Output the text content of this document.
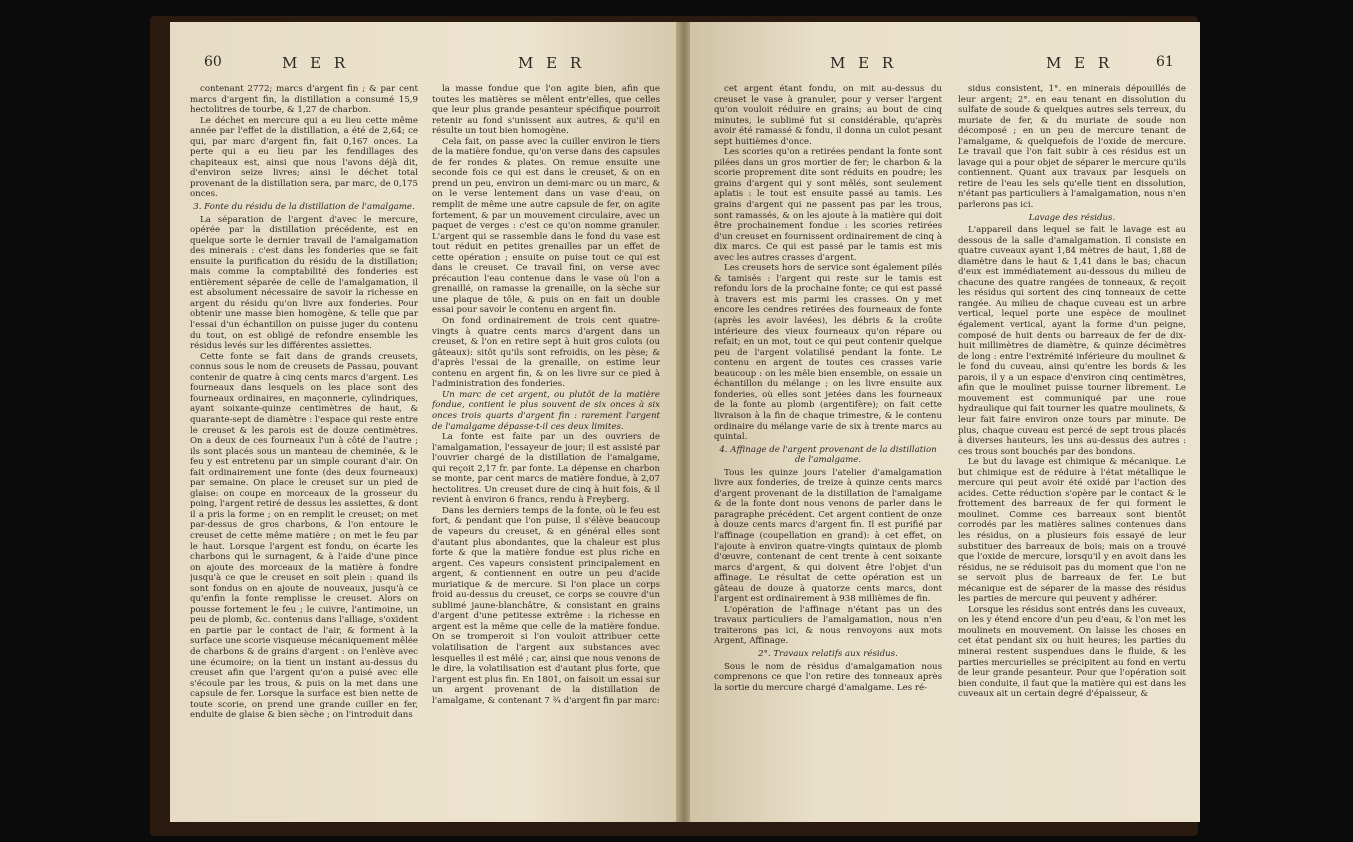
60	M E R	M E R

contenant 2772; marcs d'argent fin ; & par cent marcs d'argent fin, la distillation a consumé 15,9 hectolitres de tourbe, & 1,27 de charbon.

Le déchet en mercure qui a eu lieu cette même année par l'effet de la distillation, a été de 2,64; ce qui, par marc d'argent fin, fait 0,167 onces. La perte qui a eu lieu par les fendillages des chapiteaux est, ainsi que nous l'avons déjà dit, d'environ seize livres; ainsi le déchet total provenant de la distillation sera, par marc, de 0,175 onces.

3. Fonte du résidu de la distillation de l'amalgame.

La séparation de l'argent d'avec le mercure, opérée par la distillation précédente, est en quelque sorte le dernier travail de l'amalgamation des minerais : c'est dans les fonderies que se fait ensuite la purification du résidu de la distillation; mais comme la comptabilité des fonderies est entièrement séparée de celle de l'amalgamation, il est absolument nécessaire de savoir la richesse en argent du résidu qu'on livre aux fonderies. Pour obtenir une masse bien homogène, & telle que par l'essai d'un échantillon on puisse juger du contenu du tout, on est obligé de refondre ensemble les résidus levés sur les différentes assiettes.

Cette fonte se fait dans de grands creusets, connus sous le nom de creusets de Passau, pouvant contenir de quatre à cinq cents marcs d'argent. Les fourneaux dans lesquels on les place sont des fourneaux ordinaires, en maçonnerie, cylindriques, ayant soixante-quinze centimètres de haut, & quarante-sept de diamètre : l'espace qui reste entre le creuset & les parois est de douze centimètres. On a deux de ces fourneaux l'un à côté de l'autre ; ils sont placés sous un manteau de cheminée, & le feu y est entretenu par un simple courant d'air. On fait ordinairement une fonte (des deux fourneaux) par semaine. On place le creuset sur un pied de glaise: on coupe en morceaux de la grosseur du poing, l'argent retiré de dessus les assiettes, & dont il a pris la forme ; on en remplit le creuset; on met par-dessus de gros charbons, & l'on entoure le creuset de cette même matière ; on met le feu par le haut. Lorsque l'argent est fondu, on écarte les charbons qui le surnagent, & à l'aide d'une pince on ajoute des morceaux de la matière à fondre jusqu'à ce que le creuset en soit plein : quand ils sont fondus on en ajoute de nouveaux, jusqu'à ce qu'enfin la fonte remplisse le creuset. Alors on pousse fortement le feu ; le cuivre, l'antimoine, un peu de plomb, &c. contenus dans l'alliage, s'oxident en partie par le contact de l'air, & forment à la surface une scorie visqueuse mécaniquement mêlée de charbons & de grains d'argent : on l'enlève avec une écumoire; on la tient un instant au-dessus du creuset afin que l'argent qu'on a puisé avec elle s'écoule par les trous, & puis on la met dans une capsule de fer. Lorsque la surface est bien nette de toute scorie, on prend une grande cuiller en fer, enduite de glaise & bien sèche ; on l'introduit dans

la masse fondue que l'on agite bien, afin que toutes les matières se mêlent entr'elles, que celles que leur plus grande pesanteur spécifique pourroit retenir au fond s'unissent aux autres, & qu'il en résulte un tout bien homogène.

Cela fait, on passe avec la cuiller environ le tiers de la matière fondue, qu'on verse dans des capsules de fer rondes & plates. On remue ensuite une seconde fois ce qui est dans le creuset, & on en prend un peu, environ un demi-marc ou un marc, & on le verse lentement dans un vase d'eau, on remplit de même une autre capsule de fer, on agite fortement, & par un mouvement circulaire, avec un paquet de verges : c'est ce qu'on nomme granuler. L'argent qui se rassemble dans le fond du vase est tout réduit en petites grenailles par un effet de cette opération ; ensuite on puise tout ce qui est dans le creuset. Ce travail fini, on verse avec précaution l'eau contenue dans le vase où l'on a grenaillé, on ramasse la grenaille, on la sèche sur une plaque de tôle, & puis on en fait un double essai pour savoir le contenu en argent fin.

On fond ordinairement de trois cent quatre-vingts à quatre cents marcs d'argent dans un creuset, & l'on en retire sept à huit gros culots (ou gâteaux): sitôt qu'ils sont refroidis, on les pèse; & d'après l'essai de la grenaille, on estime leur contenu en argent fin, & on les livre sur ce pied à l'administration des fonderies.

Un marc de cet argent, ou plutôt de la matière fondue, contient le plus souvent de six onces à six onces trois quarts d'argent fin : rarement l'argent de l'amalgame dépasse-t-il ces deux limites.

La fonte est faite par un des ouvriers de l'amalgamation, l'essayeur de jour; il est assisté par l'ouvrier chargé de la distillation de l'amalgame, qui reçoit 2,17 fr. par fonte. La dépense en charbon se monte, par cent marcs de matière fondue, à 2,07 hectolitres. Un creuset dure de cinq à huit fois, & il revient à environ 6 francs, rendu à Freyberg.

Dans les derniers temps de la fonte, où le feu est fort, & pendant que l'on puise, il s'élève beaucoup de vapeurs du creuset, & en général elles sont d'autant plus abondantes, que la chaleur est plus forte & que la matière fondue est plus riche en argent. Ces vapeurs consistent principalement en argent, & contiennent en outre un peu d'acide muriatique & de mercure. Si l'on place un corps froid au-dessus du creuset, ce corps se couvre d'un sublimé jaune-blanchâtre, & consistant en grains d'argent d'une petitesse extrême : la richesse en argent est la même que celle de la matière fondue. On se tromperoit si l'on vouloit attribuer cette volatilisation de l'argent aux substances avec lesquelles il est mêlé ; car, ainsi que nous venons de le dire, la volatilisation est d'autant plus forte, que l'argent est plus fin. En 1801, on faisoit un essai sur un argent provenant de la distillation de l'amalgame, & contenant 7 ¾ d'argent fin par marc:

M E R	M E R	61

cet argent étant fondu, on mit au-dessus du creuset le vase à granuler, pour y verser l'argent qu'on vouloit réduire en grains; au bout de cinq minutes, le sublimé fut si considérable, qu'après avoir été ramassé & fondu, il donna un culot pesant sept huitièmes d'once.

Les scories qu'on a retirées pendant la fonte sont pilées dans un gros mortier de fer; le charbon & la scorie proprement dite sont réduits en poudre; les grains d'argent qui y sont mêlés, sont seulement aplatis : le tout est ensuite passé au tamis. Les grains d'argent qui ne passent pas par les trous, sont ramassés, & on les ajoute à la matière qui doit être prochainement fondue : les scories retirées d'un creuset en fournissent ordinairement de cinq à dix marcs. Ce qui est passé par le tamis est mis avec les autres crasses d'argent.

Les creusets hors de service sont également pilés & tamisés : l'argent qui reste sur le tamis est refondu lors de la prochaine fonte; ce qui est passé à travers est mis parmi les crasses. On y met encore les cendres retirées des fourneaux de fonte (après les avoir lavées), les débris & la croûte intérieure des vieux fourneaux qu'on répare ou refait; en un mot, tout ce qui peut contenir quelque peu de l'argent volatilisé pendant la fonte. Le contenu en argent de toutes ces crasses varie beaucoup : on les mêle bien ensemble, on essaie un échantillon du mélange ; on les livre ensuite aux fonderies, où elles sont jetées dans les fourneaux de la fonte au plomb (argentifère); on fait cette livraison à la fin de chaque trimestre, & le contenu ordinaire du mélange varie de six à trente marcs au quintal.

4. Affinage de l'argent provenant de la distillation de l'amalgame.

Tous les quinze jours l'atelier d'amalgamation livre aux fonderies, de treize à quinze cents marcs d'argent provenant de la distillation de l'amalgame & de la fonte dont nous venons de parler dans le paragraphe précédent. Cet argent contient de onze à douze cents marcs d'argent fin. Il est purifié par l'affinage (coupellation en grand): à cet effet, on l'ajoute à environ quatre-vingts quintaux de plomb d'œuvre, contenant de cent trente à cent soixante marcs d'argent, & qui doivent être l'objet d'un affinage. Le résultat de cette opération est un gâteau de douze à quatorze cents marcs, dont l'argent est ordinairement à 938 millièmes de fin.

L'opération de l'affinage n'étant pas un des travaux particuliers de l'amalgamation, nous n'en traiterons pas ici, & nous renvoyons aux mots Argent, Affinage.

2°. Travaux relatifs aux résidus.

Sous le nom de résidus d'amalgamation nous comprenons ce que l'on retire des tonneaux après la sortie du mercure chargé d'amalgame. Les ré-

sidus consistent, 1°. en minerais dépouillés de leur argent; 2°. en eau tenant en dissolution du sulfate de soude & quelques autres sels terreux, du muriate de fer, & du muriate de soude non décomposé ; en un peu de mercure tenant de l'amalgame, & quelquefois de l'oxide de mercure. Le travail que l'on fait subir à ces résidus est un lavage qui a pour objet de séparer le mercure qu'ils contiennent. Quant aux travaux par lesquels on retire de l'eau les sels qu'elle tient en dissolution, n'étant pas particuliers à l'amalgamation, nous n'en parlerons pas ici.

Lavage des résidus.

L'appareil dans lequel se fait le lavage est au dessous de la salle d'amalgamation. Il consiste en quatre cuveaux ayant 1,84 mètres de haut, 1,88 de diamètre dans le haut & 1,41 dans le bas; chacun d'eux est immédiatement au-dessous du milieu de chacune des quatre rangées de tonneaux, & reçoit les résidus qui sortent des cinq tonneaux de cette rangée. Au milieu de chaque cuveau est un arbre vertical, lequel porte une espèce de moulinet également vertical, ayant la forme d'un peigne, composé de huit dents ou barreaux de fer de dix-huit millimètres de diamètre, & quinze décimètres de long : entre l'extrémité inférieure du moulinet & le fond du cuveau, ainsi qu'entre les bords & les parois, il y a un espace d'environ cinq centimètres, afin que le moulinet puisse tourner librement. Le mouvement est communiqué par une roue hydraulique qui fait tourner les quatre moulinets, & leur fait faire environ onze tours par minute. De plus, chaque cuveau est percé de sept trous placés à diverses hauteurs, les uns au-dessus des autres : ces trous sont bouchés par des bondons.

Le but du lavage est chimique & mécanique. Le but chimique est de réduire à l'état métallique le mercure qui peut avoir été oxidé par l'action des acides. Cette réduction s'opère par le contact & le frottement des barreaux de fer qui forment le moulinet. Comme ces barreaux sont bientôt corrodés par les matières salines contenues dans les résidus, on a plusieurs fois essayé de leur substituer des barreaux de bois; mais on a trouvé que l'oxide de mercure, lorsqu'il y en avoit dans les résidus, ne se réduisoit pas du moment que l'on ne se servoit plus de barreaux de fer. Le but mécanique est de séparer de la masse des résidus les parties de mercure qui peuvent y adhérer.

Lorsque les résidus sont entrés dans les cuveaux, on les y étend encore d'un peu d'eau, & l'on met les moulinets en mouvement. On laisse les choses en cet état pendant six ou huit heures; les parties du minerai restent suspendues dans le fluide, & les parties mercurielles se précipitent au fond en vertu de leur grande pesanteur. Pour que l'opération soit bien conduite, il faut que la matière qui est dans les cuveaux ait un certain degré d'épaisseur, &
